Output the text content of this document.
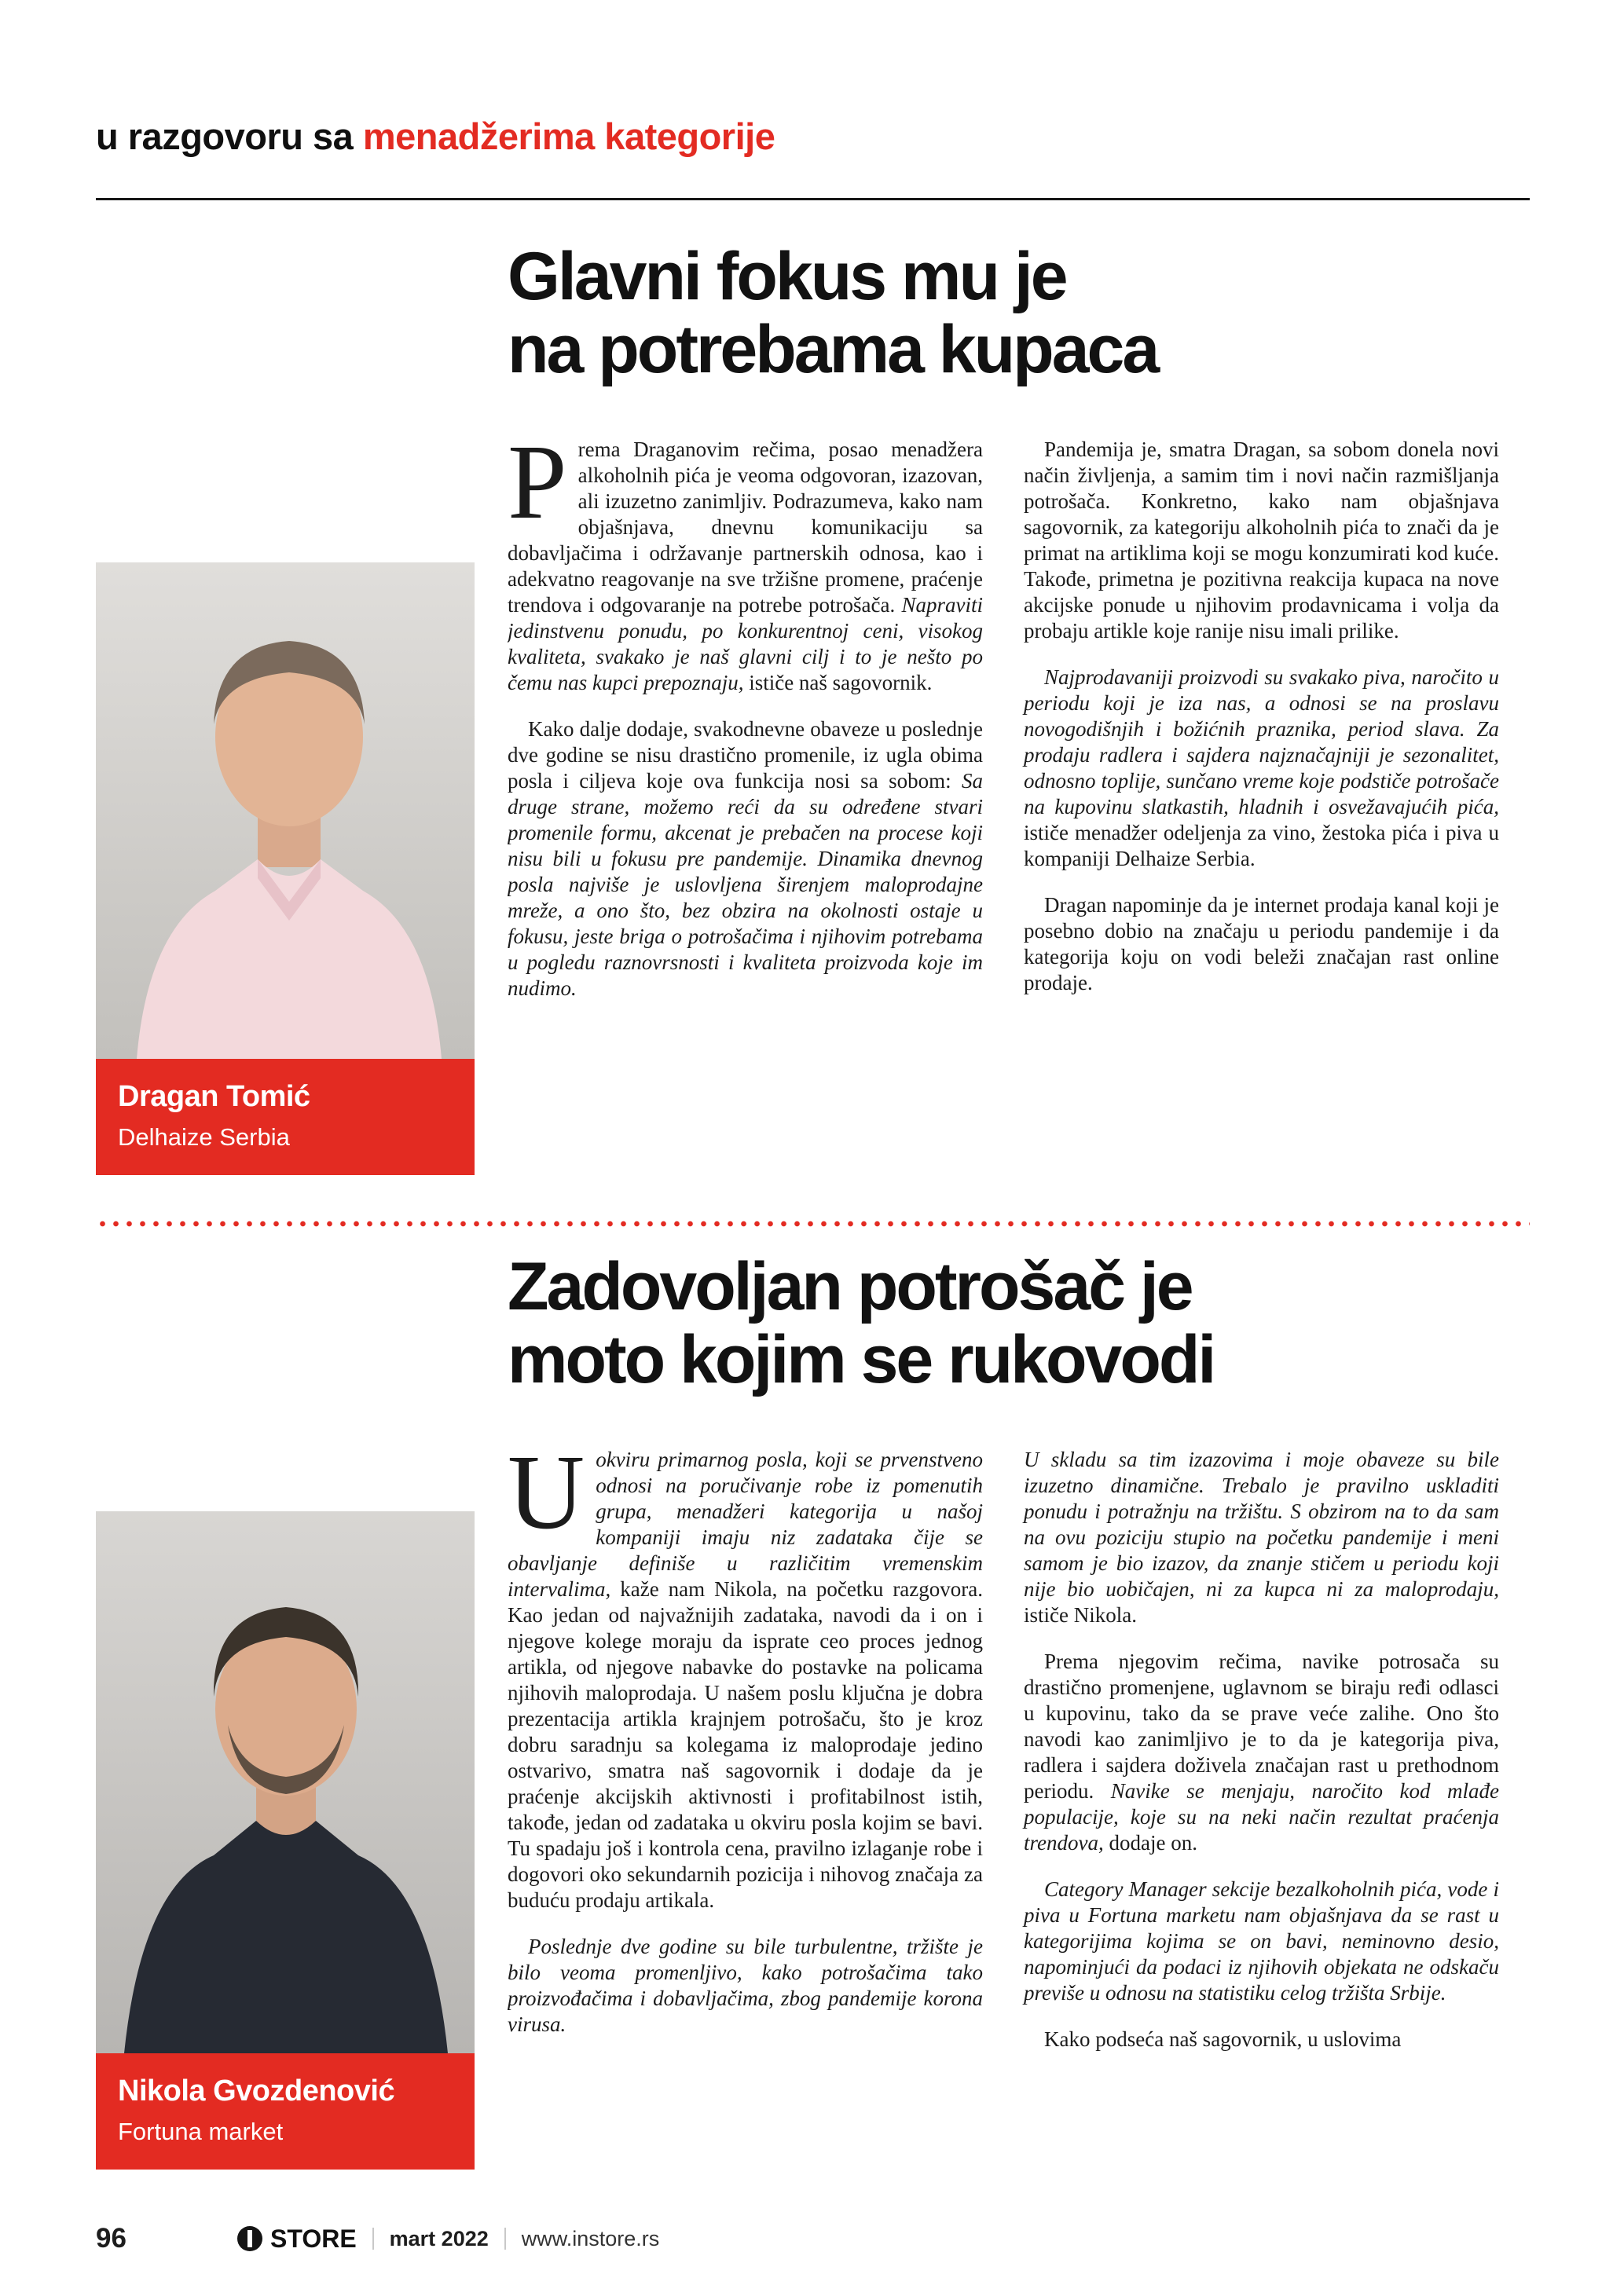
u razgovoru sa menadžerima kategorije
Glavni fokus mu je
na potrebama kupaca
Dragan Tomić
Delhaize Serbia

Prema Draganovim rečima, posao menadžera alkoholnih pića je veoma odgovoran, izazovan, ali izuzetno zanimljiv. Podrazumeva, kako nam objašnjava, dnevnu komunikaciju sa dobavljačima i održavanje partnerskih odnosa, kao i adekvatno reagovanje na sve tržišne promene, praćenje trendova i odgovaranje na potrebe potrošača. Napraviti jedinstvenu ponudu, po konkurentnoj ceni, visokog kvaliteta, svakako je naš glavni cilj i to je nešto po čemu nas kupci prepoznaju, ističe naš sagovornik.

Kako dalje dodaje, svakodnevne obaveze u poslednje dve godine se nisu drastično promenile, iz ugla obima posla i ciljeva koje ova funkcija nosi sa sobom: Sa druge strane, možemo reći da su određene stvari promenile formu, akcenat je prebačen na procese koji nisu bili u fokusu pre pandemije. Dinamika dnevnog posla najviše je uslovljena širenjem maloprodajne mreže, a ono što, bez obzira na okolnosti ostaje u fokusu, jeste briga o potrošačima i njihovim potrebama u pogledu raznovrsnosti i kvaliteta proizvoda koje im nudimo.

Pandemija je, smatra Dragan, sa sobom donela novi način življenja, a samim tim i novi način razmišljanja potrošača. Konkretno, kako nam objašnjava sagovornik, za kategoriju alkoholnih pića to znači da je primat na artiklima koji se mogu konzumirati kod kuće. Takođe, primetna je pozitivna reakcija kupaca na nove akcijske ponude u njihovim prodavnicama i volja da probaju artikle koje ranije nisu imali prilike.

Najprodavaniji proizvodi su svakako piva, naročito u periodu koji je iza nas, a odnosi se na proslavu novogodišnjih i božićnih praznika, period slava. Za prodaju radlera i sajdera najznačajniji je sezonalitet, odnosno toplije, sunčano vreme koje podstiče potrošače na kupovinu slatkastih, hladnih i osvežavajućih pića, ističe menadžer odeljenja za vino, žestoka pića i piva u kompaniji Delhaize Serbia.

Dragan napominje da je internet prodaja kanal koji je posebno dobio na značaju u periodu pandemije i da kategorija koju on vodi beleži značajan rast online prodaje.

Zadovoljan potrošač je
moto kojim se rukovodi
Nikola Gvozdenović
Fortuna market

Uokviru primarnog posla, koji se prvenstveno odnosi na poručivanje robe iz pomenutih grupa, menadžeri kategorija u našoj kompaniji imaju niz zadataka čije se obavljanje definiše u različitim vremenskim intervalima, kaže nam Nikola, na početku razgovora. Kao jedan od najvažnijih zadataka, navodi da i on i njegove kolege moraju da isprate ceo proces jednog artikla, od njegove nabavke do postavke na policama njihovih maloprodaja. U našem poslu ključna je dobra prezentacija artikla krajnjem potrošaču, što je kroz dobru saradnju sa kolegama iz maloprodaje jedino ostvarivo, smatra naš sagovornik i dodaje da je praćenje akcijskih aktivnosti i profitabilnost istih, takođe, jedan od zadataka u okviru posla kojim se bavi. Tu spadaju još i kontrola cena, pravilno izlaganje robe i dogovori oko sekundarnih pozicija i nihovog značaja za buduću prodaju artikala.

Poslednje dve godine su bile turbulentne, tržište je bilo veoma promenljivo, kako potrošačima tako proizvođačima i dobavljačima, zbog pandemije korona virusa.

U skladu sa tim izazovima i moje obaveze su bile izuzetno dinamične. Trebalo je pravilno uskladiti ponudu i potražnju na tržištu. S obzirom na to da sam na ovu poziciju stupio na početku pandemije i meni samom je bio izazov, da znanje stičem u periodu koji nije bio uobičajen, ni za kupca ni za maloprodaju, ističe Nikola.

Prema njegovim rečima, navike potrosača su drastično promenjene, uglavnom se biraju ređi odlasci u kupovinu, tako da se prave veće zalihe. Ono što navodi kao zanimljivo je to da je kategorija piva, radlera i sajdera doživela značajan rast u prethodnom periodu. Navike se menjaju, naročito kod mlađe populacije, koje su na neki način rezultat praćenja trendova, dodaje on.

Category Manager sekcije bezalkoholnih pića, vode i piva u Fortuna marketu nam objašnjava da se rast u kategorijima kojima se on bavi, neminovno desio, napominjući da podaci iz njihovih objekata ne odskaču previše u odnosu na statistiku celog tržišta Srbije.

Kako podseća naš sagovornik, u uslovima

96	STORE mart 2022 www.instore.rs
